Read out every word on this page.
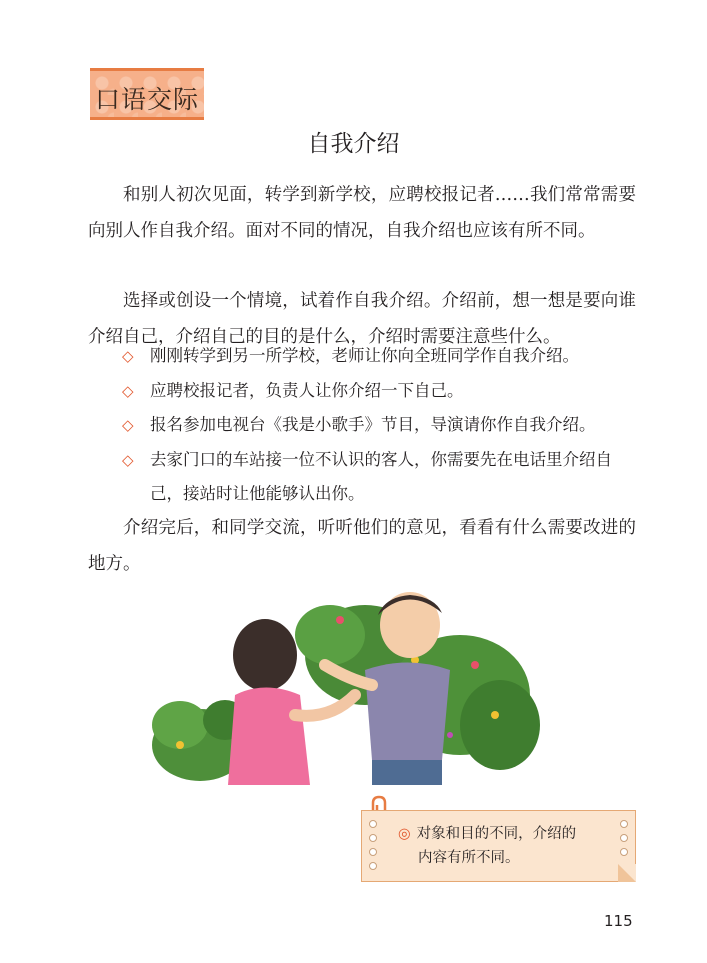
口语交际
自我介绍
和别人初次见面，转学到新学校，应聘校报记者……我们常常需要向别人作自我介绍。面对不同的情况，自我介绍也应该有所不同。
选择或创设一个情境，试着作自我介绍。介绍前，想一想是要向谁介绍自己，介绍自己的目的是什么，介绍时需要注意些什么。
◇ 刚刚转学到另一所学校，老师让你向全班同学作自我介绍。
◇ 应聘校报记者，负责人让你介绍一下自己。
◇ 报名参加电视台《我是小歌手》节目，导演请你作自我介绍。
◇ 去家门口的车站接一位不认识的客人，你需要先在电话里介绍自己，接站时让他能够认出你。
介绍完后，和同学交流，听听他们的意见，看看有什么需要改进的地方。
◎ 对象和目的不同，介绍的
内容有所不同。
115
